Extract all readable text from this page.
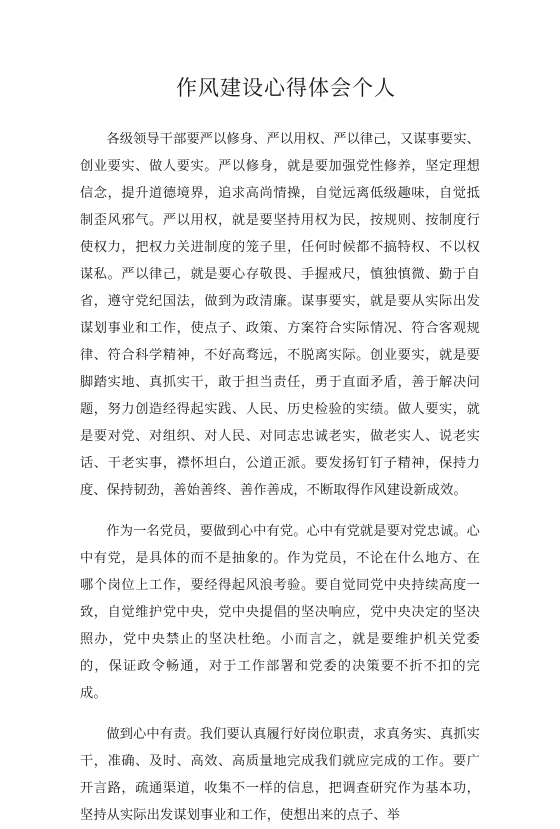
作风建设心得体会个人

各级领导干部要严以修身、严以用权、严以律己，又谋事要实、创业要实、做人要实。严以修身，就是要加强党性修养，坚定理想信念，提升道德境界，追求高尚情操，自觉远离低级趣味，自觉抵制歪风邪气。严以用权，就是要坚持用权为民，按规则、按制度行使权力，把权力关进制度的笼子里，任何时候都不搞特权、不以权谋私。严以律己，就是要心存敬畏、手握戒尺，慎独慎微、勤于自省，遵守党纪国法，做到为政清廉。谋事要实，就是要从实际出发谋划事业和工作，使点子、政策、方案符合实际情况、符合客观规律、符合科学精神，不好高骛远，不脱离实际。创业要实，就是要脚踏实地、真抓实干，敢于担当责任，勇于直面矛盾，善于解决问题，努力创造经得起实践、人民、历史检验的实绩。做人要实，就是要对党、对组织、对人民、对同志忠诚老实，做老实人、说老实话、干老实事，襟怀坦白，公道正派。要发扬钉钉子精神，保持力度、保持韧劲，善始善终、善作善成，不断取得作风建设新成效。

作为一名党员，要做到心中有党。心中有党就是要对党忠诚。心中有党，是具体的而不是抽象的。作为党员，不论在什么地方、在哪个岗位上工作，要经得起风浪考验。要自觉同党中央持续高度一致，自觉维护党中央，党中央提倡的坚决响应，党中央决定的坚决照办，党中央禁止的坚决杜绝。小而言之，就是要维护机关党委的，保证政令畅通，对于工作部署和党委的决策要不折不扣的完成。

做到心中有责。我们要认真履行好岗位职责，求真务实、真抓实干，准确、及时、高效、高质量地完成我们就应完成的工作。要广开言路，疏通渠道，收集不一样的信息，把调查研究作为基本功，坚持从实际出发谋划事业和工作，使想出来的点子、举
